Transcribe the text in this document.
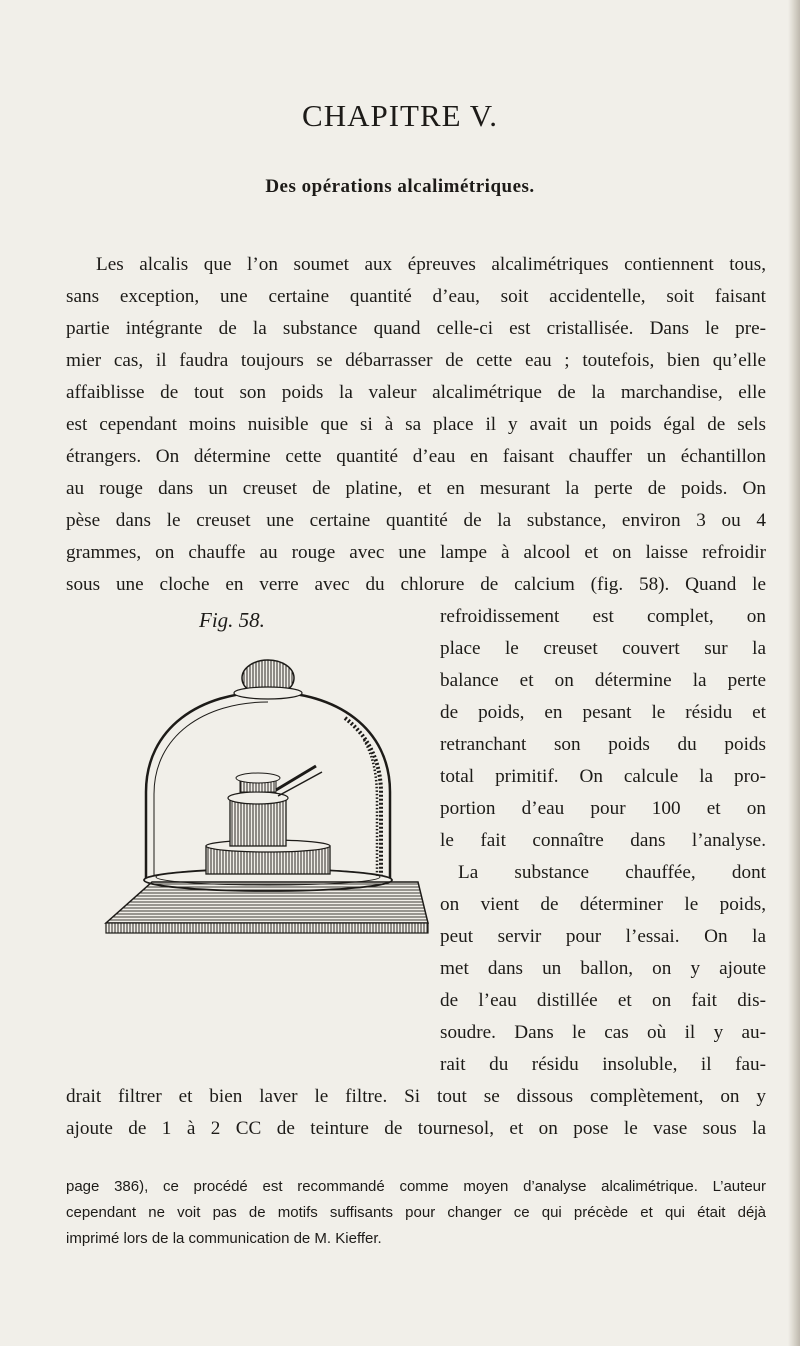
CHAPITRE V.
Des opérations alcalimétriques.
Les alcalis que l’on soumet aux épreuves alcalimétriques contiennent tous,
sans exception, une certaine quantité d’eau, soit accidentelle, soit faisant
partie intégrante de la substance quand celle-ci est cristallisée. Dans le pre-
mier cas, il faudra toujours se débarrasser de cette eau ; toutefois, bien qu’elle
affaiblisse de tout son poids la valeur alcalimétrique de la marchandise, elle
est cependant moins nuisible que si à sa place il y avait un poids égal de sels
étrangers. On détermine cette quantité d’eau en faisant chauffer un échantillon
au rouge dans un creuset de platine, et en mesurant la perte de poids. On
pèse dans le creuset une certaine quantité de la substance, environ 3 ou 4
grammes, on chauffe au rouge avec une lampe à alcool et on laisse refroidir
sous une cloche en verre avec du chlorure de calcium (fig. 58). Quand le

Fig. 58.	refroidissement est complet, on
place le creuset couvert sur la
balance et on détermine la perte
de poids, en pesant le résidu et
retranchant son poids du poids
total primitif. On calcule la pro-
portion d’eau pour 100 et on
le fait connaître dans l’analyse.
La substance chauffée, dont
on vient de déterminer le poids,
peut servir pour l’essai. On la
met dans un ballon, on y ajoute
de l’eau distillée et on fait dis-
soudre. Dans le cas où il y au-
rait du résidu insoluble, il fau-
drait filtrer et bien laver le filtre. Si tout se dissous complètement, on y
ajoute de 1 à 2 CC de teinture de tournesol, et on pose le vase sous la
page 386), ce procédé est recommandé comme moyen d’analyse alcalimétrique. L’auteur
cependant ne voit pas de motifs suffisants pour changer ce qui précède et qui était déjà
imprimé lors de la communication de M. Kieffer.
